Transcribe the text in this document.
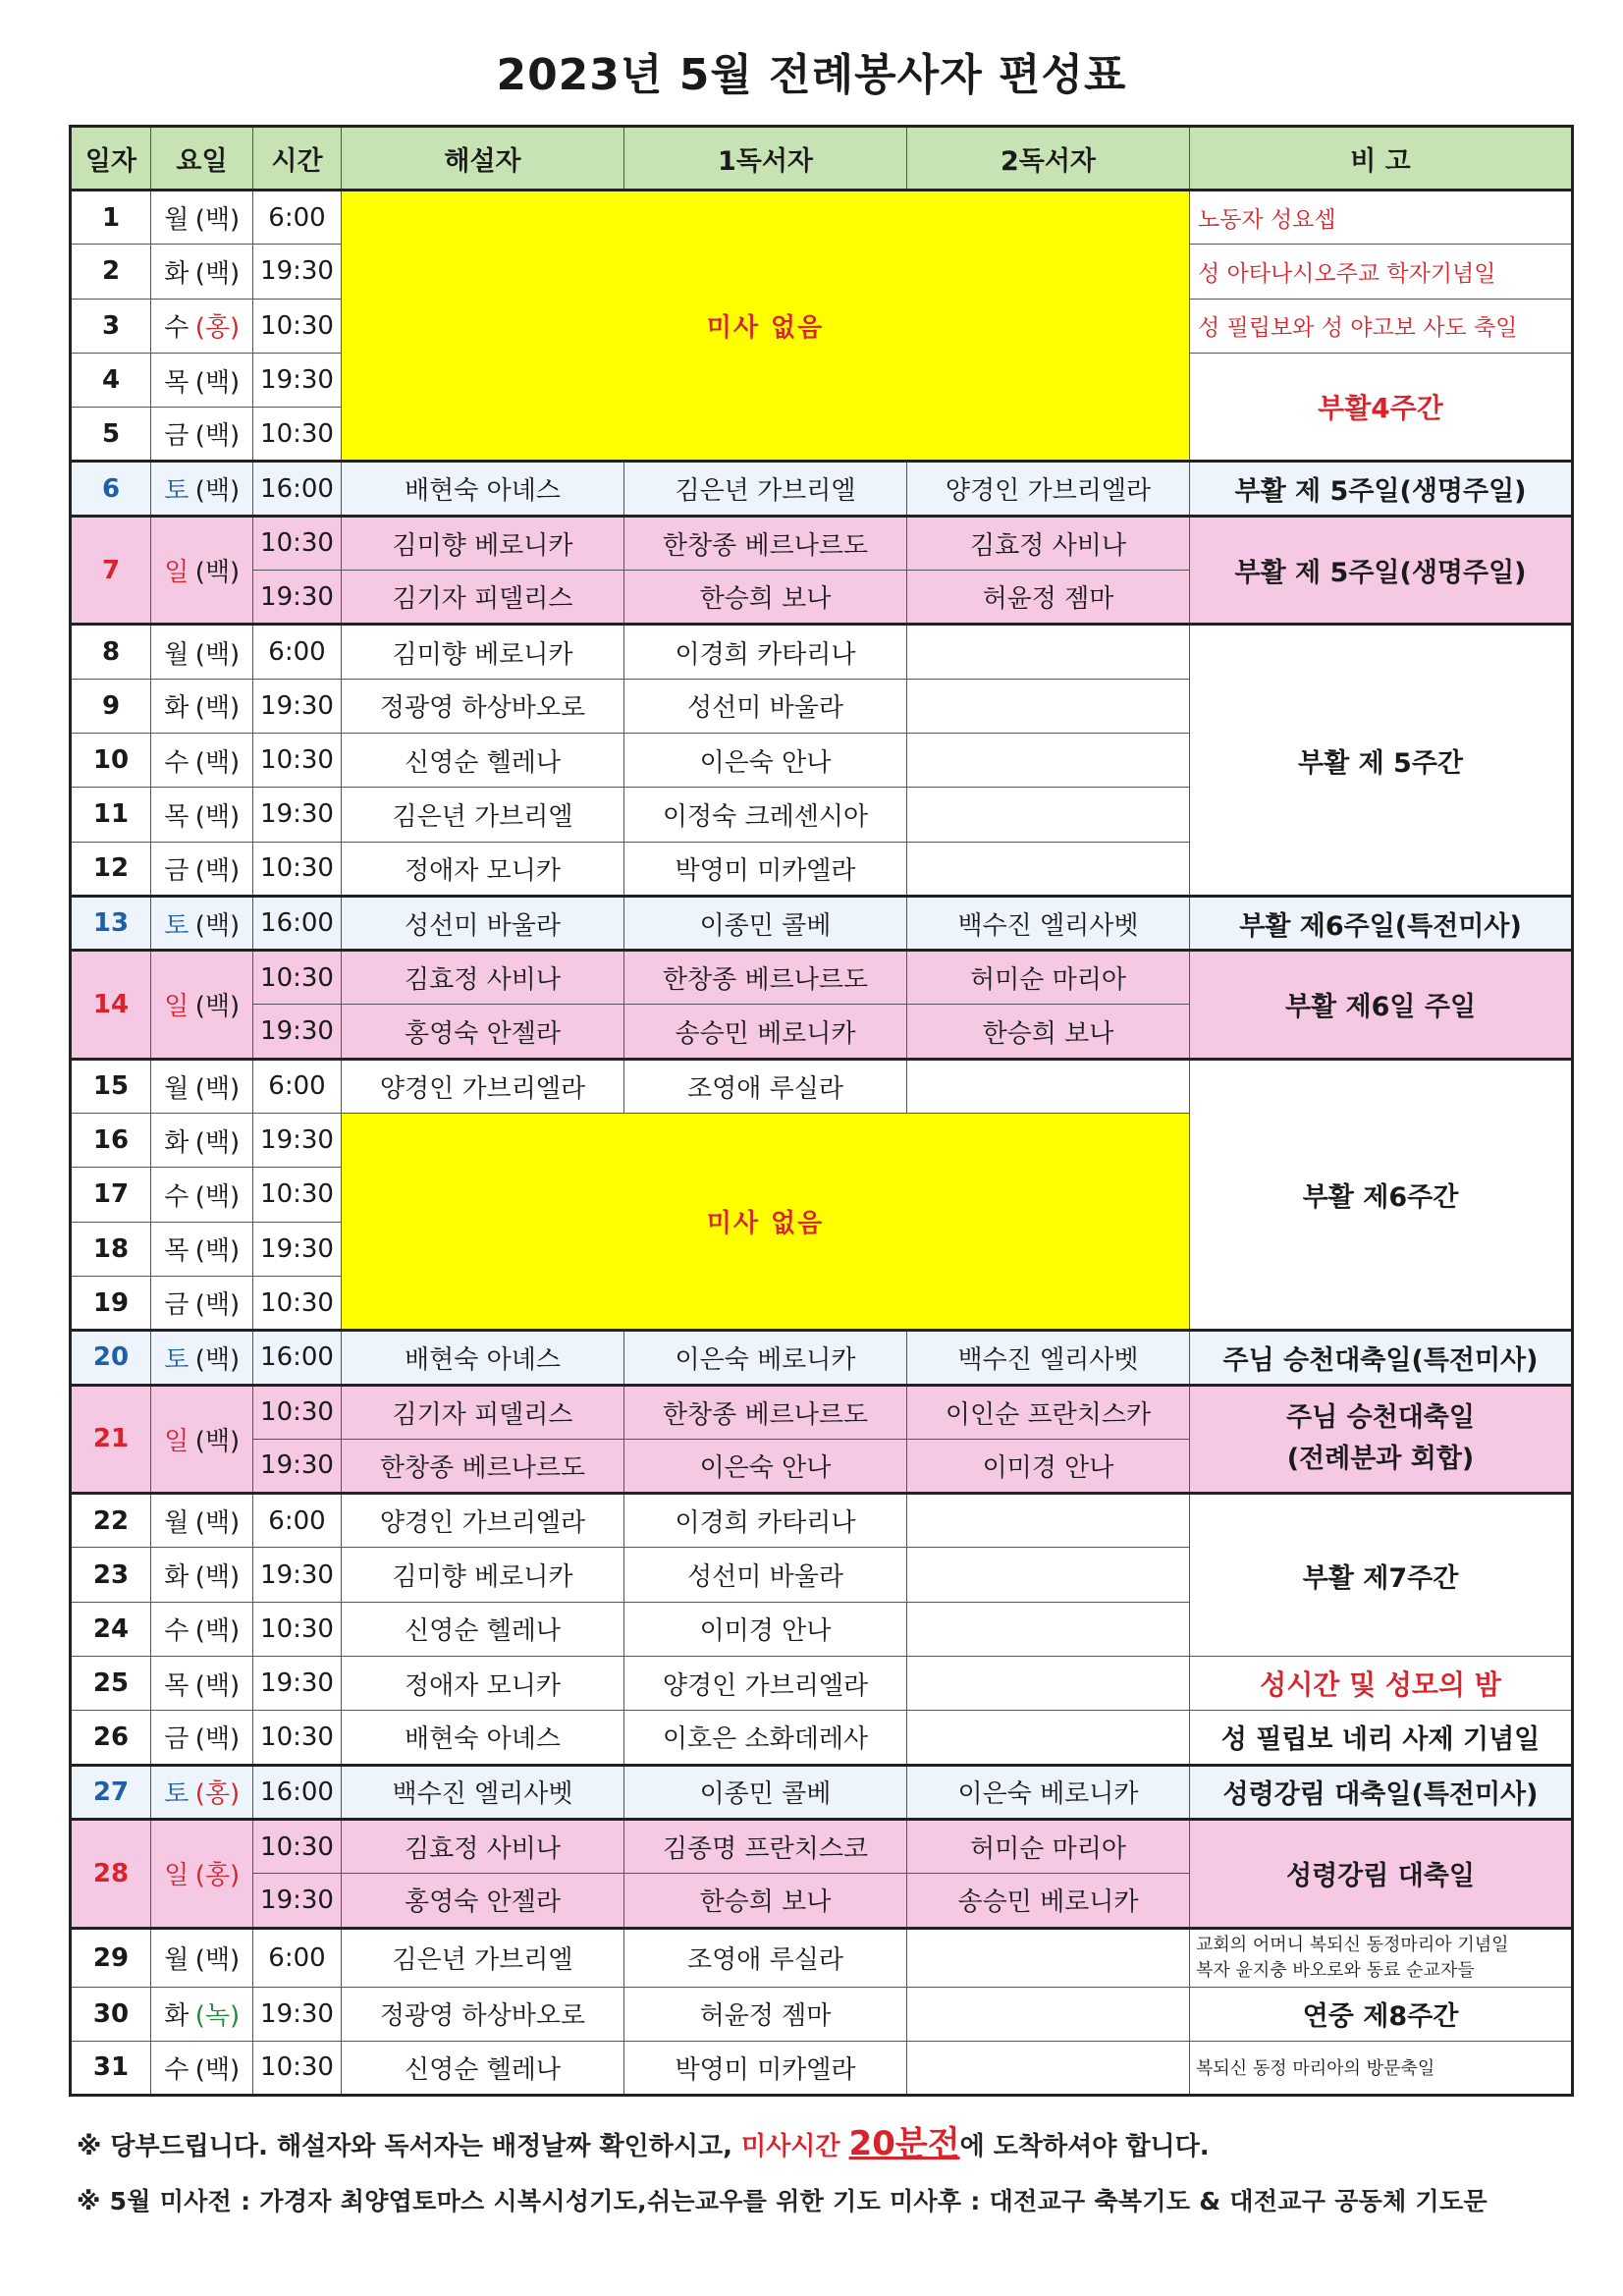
2023년 5월 전례봉사자 편성표
일자	요일	시간	해설자	1독서자	2독서자	비 고
1	월 (백)	6:00	미사 없음			노동자 성요셉
2	화 (백)	19:30				성 아타나시오주교 학자기념일
3	수 (홍)	10:30				성 필립보와 성 야고보 사도 축일
4	목 (백)	19:30				부활4주간
5	금 (백)	10:30				
6	토 (백)	16:00	배현숙 아녜스	김은년 가브리엘	양경인 가브리엘라	부활 제 5주일(생명주일)
7	일 (백)	10:30	김미향 베로니카	한창종 베르나르도	김효정 사비나	부활 제 5주일(생명주일)
		19:30	김기자 피델리스	한승희 보나	허윤정 젬마	
8	월 (백)	6:00	김미향 베로니카	이경희 카타리나		부활 제 5주간
9	화 (백)	19:30	정광영 하상바오로	성선미 바울라		
10	수 (백)	10:30	신영순 헬레나	이은숙 안나		
11	목 (백)	19:30	김은년 가브리엘	이정숙 크레센시아		
12	금 (백)	10:30	정애자 모니카	박영미 미카엘라		
13	토 (백)	16:00	성선미 바울라	이종민 콜베	백수진 엘리사벳	부활 제6주일(특전미사)
14	일 (백)	10:30	김효정 사비나	한창종 베르나르도	허미순 마리아	부활 제6일 주일
		19:30	홍영숙 안젤라	송승민 베로니카	한승희 보나	
15	월 (백)	6:00	양경인 가브리엘라	조영애 루실라		부활 제6주간
16	화 (백)	19:30	미사 없음			
17	수 (백)	10:30				
18	목 (백)	19:30				
19	금 (백)	10:30				
20	토 (백)	16:00	배현숙 아녜스	이은숙 베로니카	백수진 엘리사벳	주님 승천대축일(특전미사)
21	일 (백)	10:30	김기자 피델리스	한창종 베르나르도	이인순 프란치스카	주님 승천대축일
(전례분과 회합)
		19:30	한창종 베르나르도	이은숙 안나	이미경 안나	
22	월 (백)	6:00	양경인 가브리엘라	이경희 카타리나		부활 제7주간
23	화 (백)	19:30	김미향 베로니카	성선미 바울라		
24	수 (백)	10:30	신영순 헬레나	이미경 안나		
25	목 (백)	19:30	정애자 모니카	양경인 가브리엘라		성시간 및 성모의 밤
26	금 (백)	10:30	배현숙 아녜스	이호은 소화데레사		성 필립보 네리 사제 기념일
27	토 (홍)	16:00	백수진 엘리사벳	이종민 콜베	이은숙 베로니카	성령강림 대축일(특전미사)
28	일 (홍)	10:30	김효정 사비나	김종명 프란치스코	허미순 마리아	성령강림 대축일
		19:30	홍영숙 안젤라	한승희 보나	송승민 베로니카	
29	월 (백)	6:00	김은년 가브리엘	조영애 루실라		교회의 어머니 복되신 동정마리아 기념일
복자 윤지충 바오로와 동료 순교자들
30	화 (녹)	19:30	정광영 하상바오로	허윤정 젬마		연중 제8주간
31	수 (백)	10:30	신영순 헬레나	박영미 미카엘라		복되신 동정 마리아의 방문축일
※ 당부드립니다. 해설자와 독서자는 배정날짜 확인하시고, 미사시간 20분전에 도착하셔야 합니다.
※ 5월 미사전 : 가경자 최양엽토마스 시복시성기도,쉬는교우를 위한 기도 미사후 : 대전교구 축복기도 & 대전교구 공동체 기도문
